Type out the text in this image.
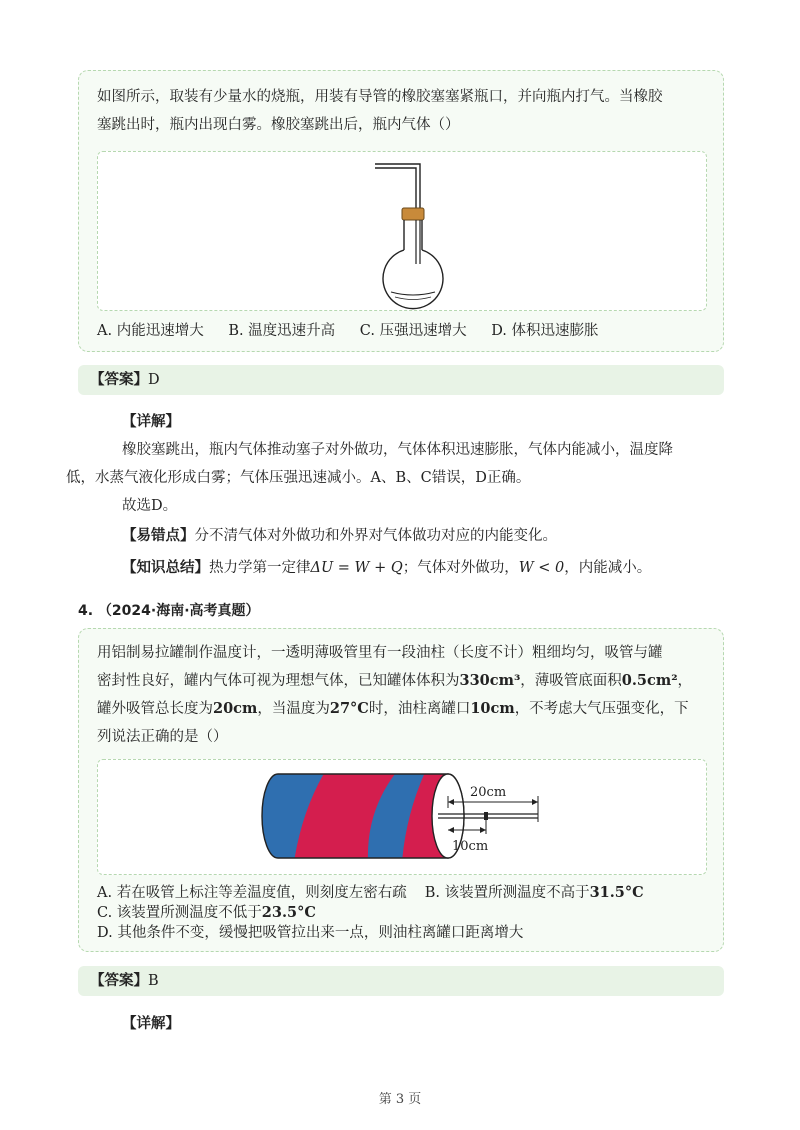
如图所示，取装有少量水的烧瓶，用装有导管的橡胶塞塞紧瓶口，并向瓶内打气。当橡胶
塞跳出时，瓶内出现白雾。橡胶塞跳出后，瓶内气体（）
A. 内能迅速增大 B. 温度迅速升高 C. 压强迅速增大 D. 体积迅速膨胀
【答案】D
【详解】
橡胶塞跳出，瓶内气体推动塞子对外做功，气体体积迅速膨胀，气体内能减小，温度降
低，水蒸气液化形成白雾；气体压强迅速减小。A、B、C错误，D正确。
故选D。
【易错点】分不清气体对外做功和外界对气体做功对应的内能变化。
【知识总结】热力学第一定律ΔU = W + Q；气体对外做功，W < 0，内能减小。
4. （2024·海南·高考真题）
用铝制易拉罐制作温度计，一透明薄吸管里有一段油柱（长度不计）粗细均匀，吸管与罐
密封性良好，罐内气体可视为理想气体，已知罐体体积为330cm³，薄吸管底面积0.5cm²，
罐外吸管总长度为20cm，当温度为27°C时，油柱离罐口10cm，不考虑大气压强变化，下
列说法正确的是（）
20cm
10cm
A. 若在吸管上标注等差温度值，则刻度左密右疏 B. 该装置所测温度不高于31.5°C
C. 该装置所测温度不低于23.5°C
D. 其他条件不变，缓慢把吸管拉出来一点，则油柱离罐口距离增大
【答案】B
【详解】
第 3 页
